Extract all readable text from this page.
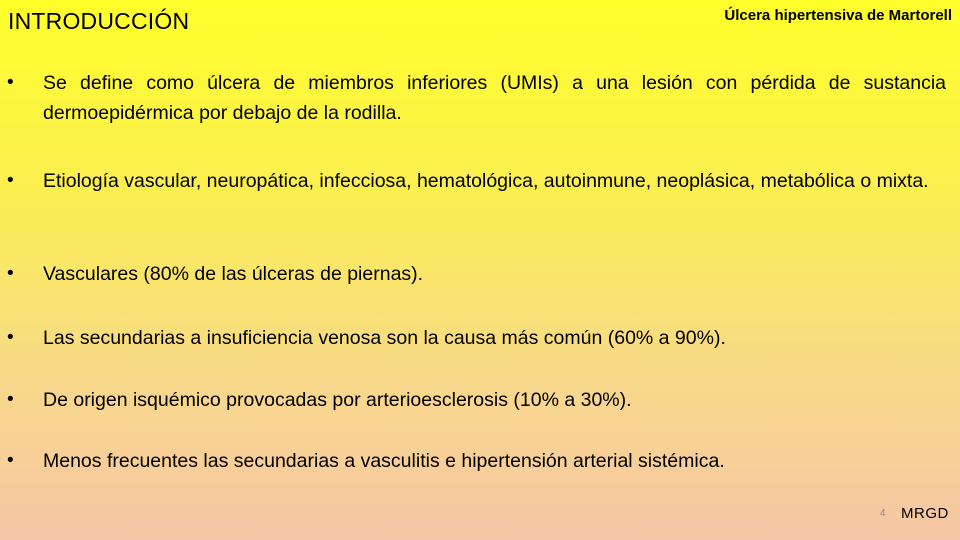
INTRODUCCIÓN	Úlcera hipertensiva de Martorell
• Se define como úlcera de miembros inferiores (UMIs) a una lesión con pérdida de sustancia dermoepidérmica por debajo de la rodilla.
• Etiología vascular, neuropática, infecciosa, hematológica, autoinmune, neoplásica, metabólica o mixta.
• Vasculares (80% de las úlceras de piernas).
• Las secundarias a insuficiencia venosa son la causa más común (60% a 90%).
• De origen isquémico provocadas por arterioesclerosis (10% a 30%).
• Menos frecuentes las secundarias a vasculitis e hipertensión arterial sistémica.
4 MRGD
